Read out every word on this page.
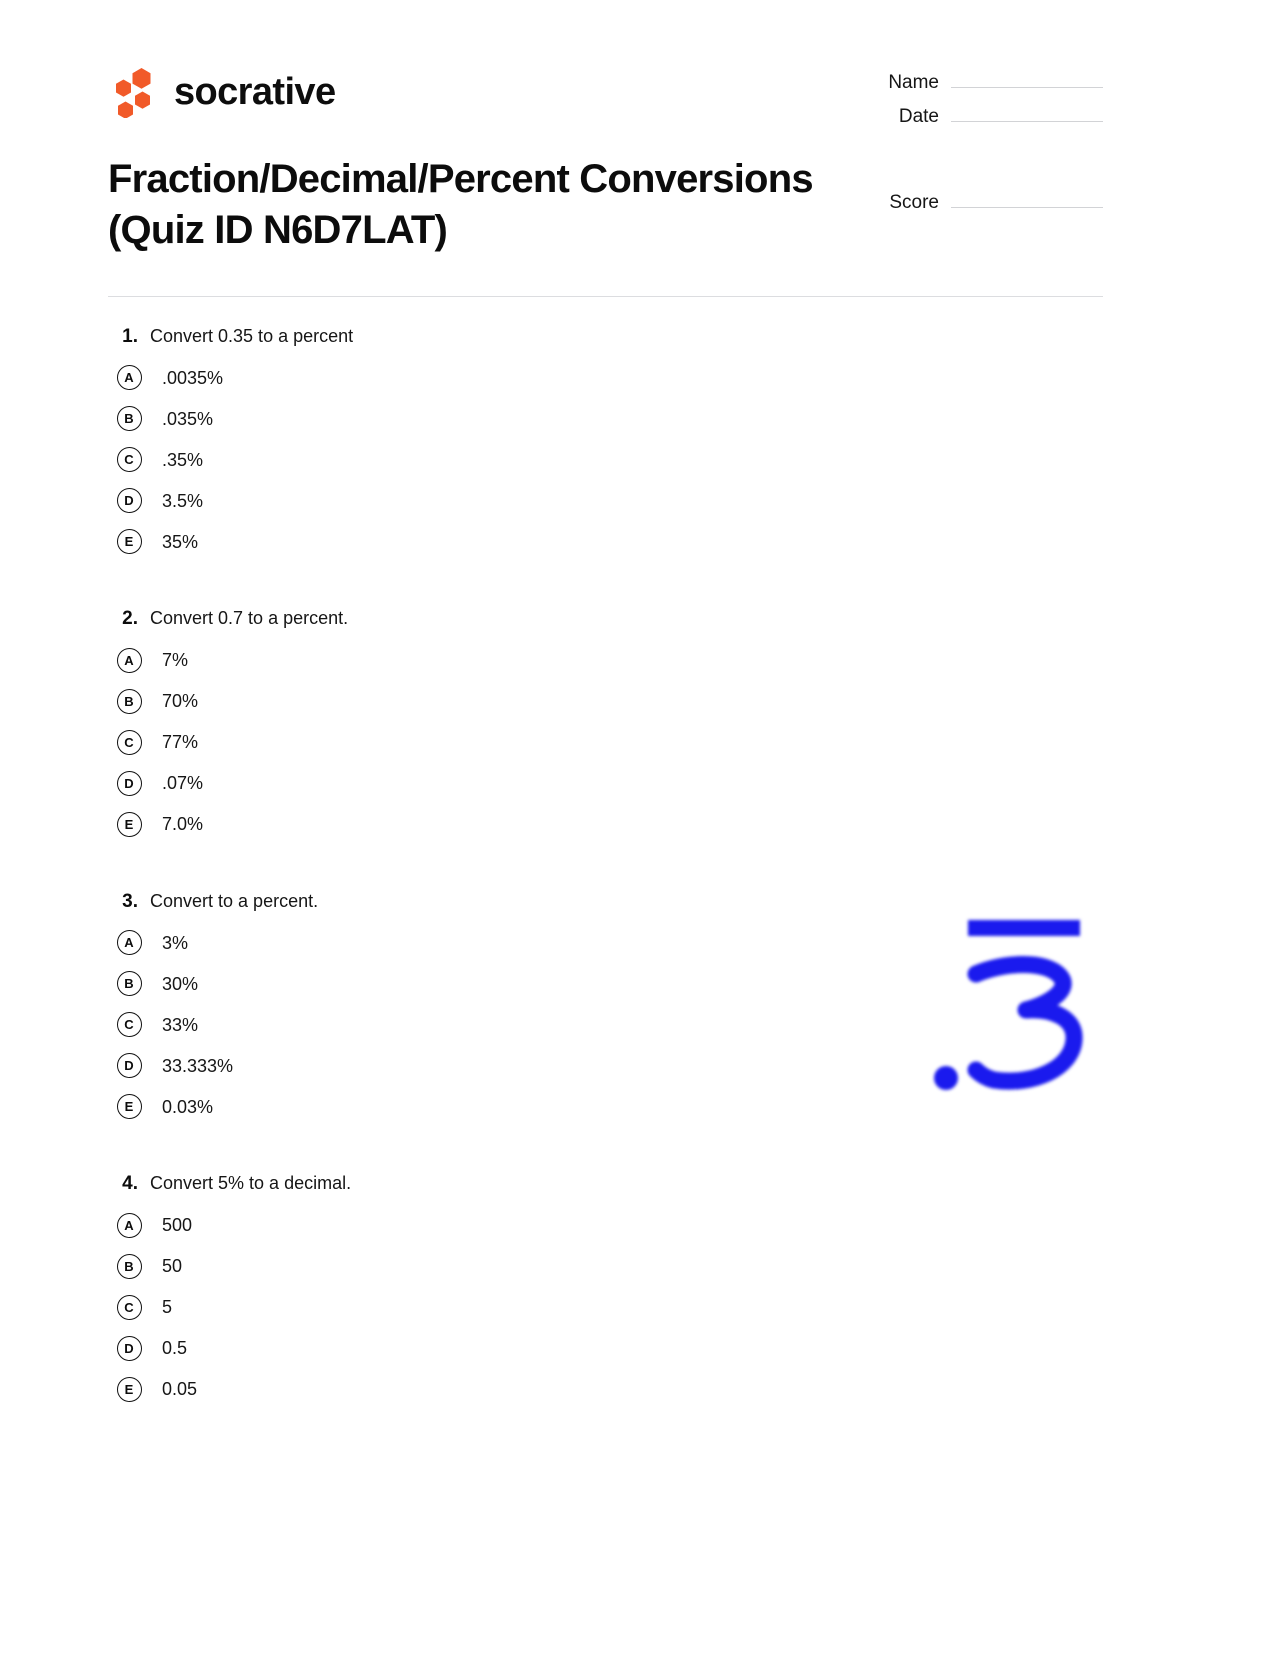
socrative	Name
Date
Score
Fraction/Decimal/Percent Conversions (Quiz ID N6D7LAT)
1. Convert 0.35 to a percent
A	.0035%
B	.035%
C	.35%
D	3.5%
E	35%
2. Convert 0.7 to a percent.
A	7%
B	70%
C	77%
D	.07%
E	7.0%
3. Convert to a percent.
A	3%
B	30%
C	33%
D	33.333%
E	0.03%
4. Convert 5% to a decimal.
A	500
B	50
C	5
D	0.5
E	0.05
